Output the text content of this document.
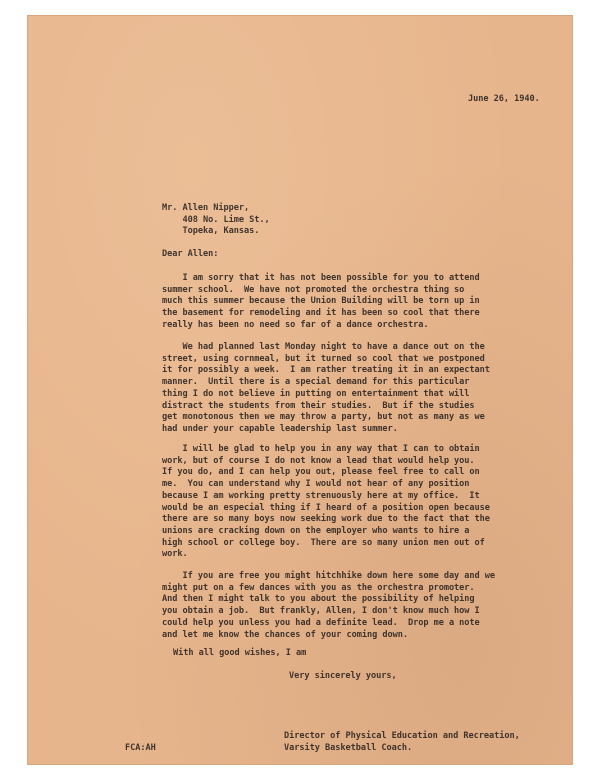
June 26, 1940.
Mr. Allen Nipper,
408 No. Lime St.,
Topeka, Kansas.
Dear Allen:
I am sorry that it has not been possible for you to attend
summer school.  We have not promoted the orchestra thing so
much this summer because the Union Building will be torn up in
the basement for remodeling and it has been so cool that there
really has been no need so far of a dance orchestra.
We had planned last Monday night to have a dance out on the
street, using cornmeal, but it turned so cool that we postponed
it for possibly a week.  I am rather treating it in an expectant
manner.  Until there is a special demand for this particular
thing I do not believe in putting on entertainment that will
distract the students from their studies.  But if the studies
get monotonous then we may throw a party, but not as many as we
had under your capable leadership last summer.
I will be glad to help you in any way that I can to obtain
work, but of course I do not know a lead that would help you.
If you do, and I can help you out, please feel free to call on
me.  You can understand why I would not hear of any position
because I am working pretty strenuously here at my office.  It
would be an especial thing if I heard of a position open because
there are so many boys now seeking work due to the fact that the
unions are cracking down on the employer who wants to hire a
high school or college boy.  There are so many union men out of
work.
If you are free you might hitchhike down here some day and we
might put on a few dances with you as the orchestra promoter.
And then I might talk to you about the possibility of helping
you obtain a job.  But frankly, Allen, I don't know much how I
could help you unless you had a definite lead.  Drop me a note
and let me know the chances of your coming down.
With all good wishes, I am
Very sincerely yours,
Director of Physical Education and Recreation,
Varsity Basketball Coach.
FCA:AH
